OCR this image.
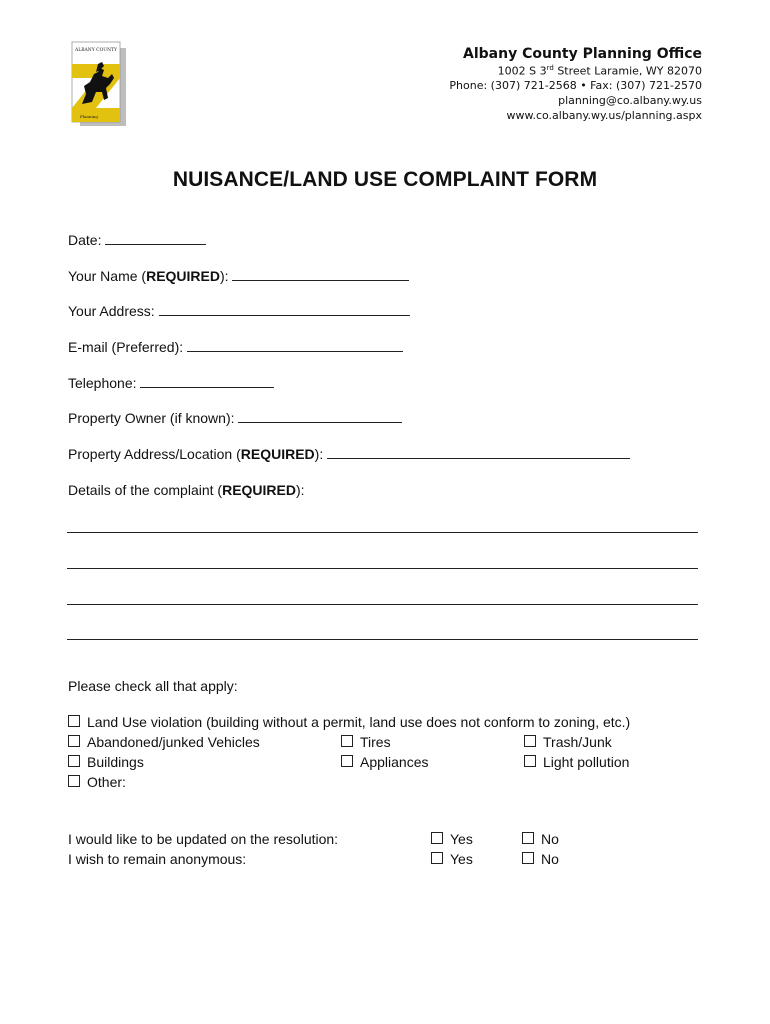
ALBANY COUNTY
Planning
Albany County Planning Office
1002 S 3rd Street Laramie, WY 82070
Phone: (307) 721-2568 • Fax: (307) 721-2570
planning@co.albany.wy.us
www.co.albany.wy.us/planning.aspx
NUISANCE/LAND USE COMPLAINT FORM
Date:
Your Name (REQUIRED):
Your Address:
E-mail (Preferred):
Telephone:
Property Owner (if known):
Property Address/Location (REQUIRED):
Details of the complaint (REQUIRED):
Please check all that apply:
Land Use violation (building without a permit, land use does not conform to zoning, etc.)
Abandoned/junked Vehicles	Tires	Trash/Junk
Buildings	Appliances	Light pollution
Other:
I would like to be updated on the resolution:	Yes	No
I wish to remain anonymous:	Yes	No
